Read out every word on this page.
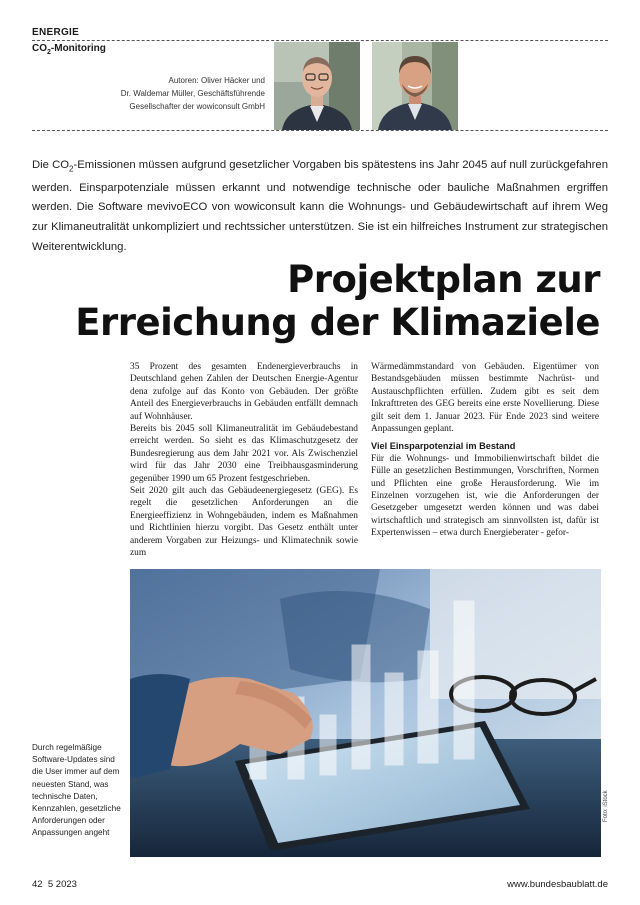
ENERGIE
$CO_2$-Monitoring
Autoren: Oliver Häcker und
Dr. Waldemar Müller, Geschäftsführende
Gesellschafter der wowiconsult GmbH
Die $CO_2$-Emissionen müssen aufgrund gesetzlicher Vorgaben bis spätestens ins Jahr 2045 auf null zurückgefahren werden. Einsparpotenziale müssen erkannt und notwendige technische oder bauliche Maßnahmen ergriffen werden. Die Software mevivoECO von wowiconsult kann die Wohnungs- und Gebäudewirtschaft auf ihrem Weg zur Klimaneutralität unkompliziert und rechtssicher unterstützen. Sie ist ein hilfreiches Instrument zur strategischen Weiterentwicklung.
Projektplan zur
Erreichung der Klimaziele

35 Prozent des gesamten Endenergieverbrauchs in Deutschland gehen Zahlen der Deutschen Energie-Agentur dena zufolge auf das Konto von Gebäuden. Der größte Anteil des Energieverbrauchs in Gebäuden entfällt demnach auf Wohnhäuser.

Bereits bis 2045 soll Klimaneutralität im Gebäudebestand erreicht werden. So sieht es das Klimaschutzgesetz der Bundesregierung aus dem Jahr 2021 vor. Als Zwischenziel wird für das Jahr 2030 eine Treibhausgasminderung gegenüber 1990 um 65 Prozent festgeschrieben.

Seit 2020 gilt auch das Gebäudeenergiegesetz (GEG). Es regelt die gesetzlichen Anforderungen an die Energieeffizienz in Wohngebäuden, indem es Maßnahmen und Richtlinien hierzu vorgibt. Das Gesetz enthält unter anderem Vorgaben zur Heizungs- und Klimatechnik sowie zum

Wärmedämmstandard von Gebäuden. Eigentümer von Bestandsgebäuden müssen bestimmte Nachrüst- und Austauschpflichten erfüllen. Zudem gibt es seit dem Inkrafttreten des GEG bereits eine erste Novellierung. Diese gilt seit dem 1. Januar 2023. Für Ende 2023 sind weitere Anpassungen geplant.

Viel Einsparpotenzial im Bestand

Für die Wohnungs- und Immobilienwirtschaft bildet die Fülle an gesetzlichen Bestimmungen, Vorschriften, Normen und Pflichten eine große Herausforderung. Wie im Einzelnen vorzugehen ist, wie die Anforderungen der Gesetzgeber umgesetzt werden können und was dabei wirtschaftlich und strategisch am sinnvollsten ist, dafür ist Expertenwissen – etwa durch Energieberater - gefor-

Durch regelmäßige Software-Updates sind die User immer auf dem neuesten Stand, was technische Daten, Kennzahlen, gesetzliche Anforderungen oder Anpassungen angeht
Foto: iStock
42 5 2023	www.bundesbaublatt.de
